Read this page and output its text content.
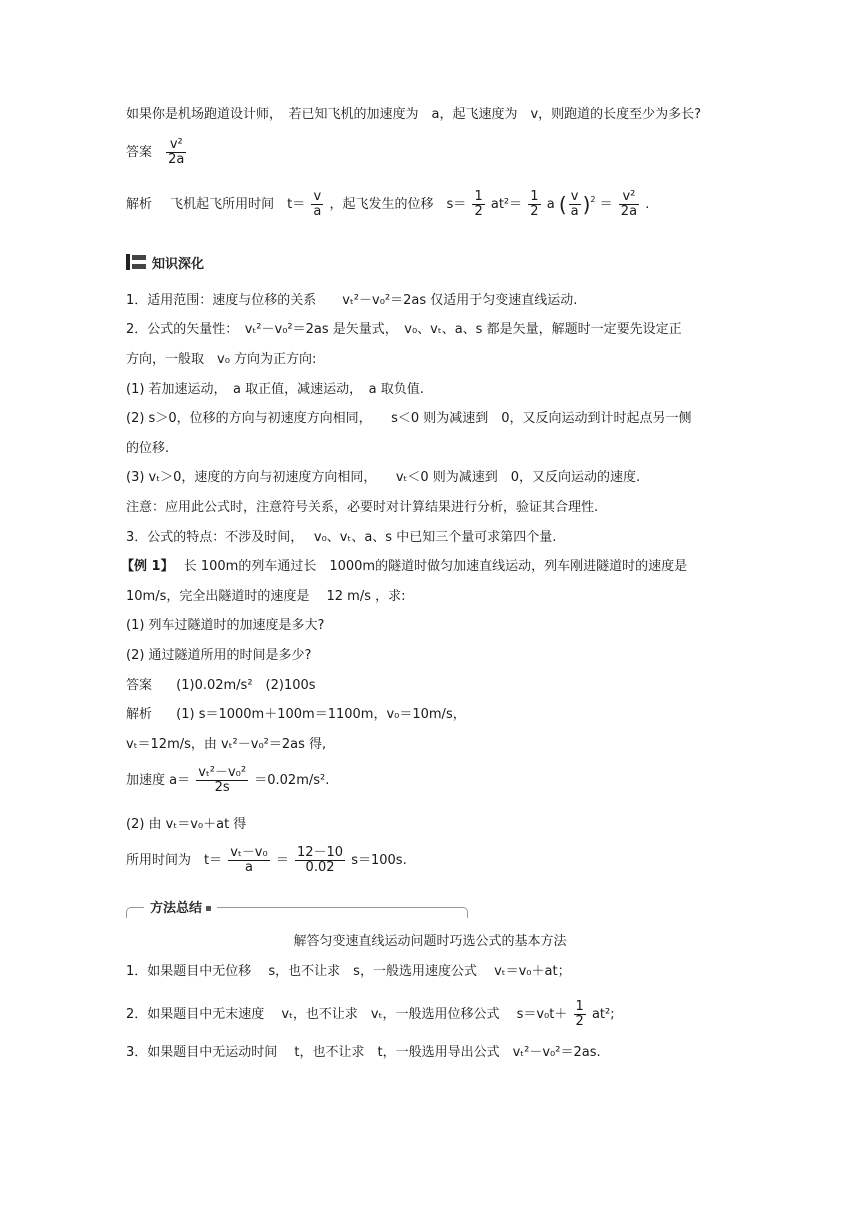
如果你是机场跑道设计师，　若已知飞机的加速度为　a，起飞速度为　v，则跑道的长度至少为多长?
答案 $\frac{\text{v²}}{2a}$
解析 飞机起飞所用时间　$t= \frac{v}{a}$ ，起飞发生的位移　$s= \frac{1}{2} at^2= \frac{1}{2}$ a ( $\frac{v}{a} )^2 = \frac{\text{v²}}{2a}$ .
知识深化
1．适用范围：速度与位移的关系　　vₜ²－v₀²＝2as 仅适用于匀变速直线运动.
2．公式的矢量性：　vₜ²－v₀²＝2as 是矢量式，　v₀、vₜ、a、s 都是矢量，解题时一定要先设定正
方向，一般取　v₀ 方向为正方向:
(1) 若加速运动，　a 取正值，减速运动，　a 取负值.
(2) s＞0，位移的方向与初速度方向相同，　　s＜0 则为减速到　0，又反向运动到计时起点另一侧
的位移.
(3) vₜ＞0，速度的方向与初速度方向相同，　　vₜ＜0 则为减速到　0，又反向运动的速度.
注意：应用此公式时，注意符号关系，必要时对计算结果进行分析，验证其合理性.
3．公式的特点：不涉及时间，　 v₀、vₜ、a、s 中已知三个量可求第四个量.
【例 1】 长 100m的列车通过长　1000m的隧道时做匀加速直线运动，列车刚进隧道时的速度是
10m/s，完全出隧道时的速度是　 12 m/s ，求:
(1) 列车过隧道时的加速度是多大?
(2) 通过隧道所用的时间是多少?
答案 (1)0.02m/s²　(2)100s
解析 (1) s＝1000m＋100m＝1100m，v₀＝10m/s，
vₜ＝12m/s，由 vₜ²－v₀²＝2as 得,
加速度 $a= \frac{\text{vₜ²－v₀²}}{2s} =0.02m/s^2$.
(2) 由 vₜ＝v₀＋at 得
所用时间为　$t= \frac{\text{vₜ－v₀}}{a} = \frac{12-10}{0.02} s=100s$.
方法总结
解答匀变速直线运动问题时巧选公式的基本方法
1．如果题目中无位移　 s，也不让求　s，一般选用速度公式　 vₜ＝v₀＋at；
2．如果题目中无末速度　 vₜ，也不让求　vₜ，一般选用位移公式　 $s=v_0t+ \frac{1}{2} at^2$;
3．如果题目中无运动时间　 t，也不让求　t，一般选用导出公式　vₜ²－v₀²＝2as.
